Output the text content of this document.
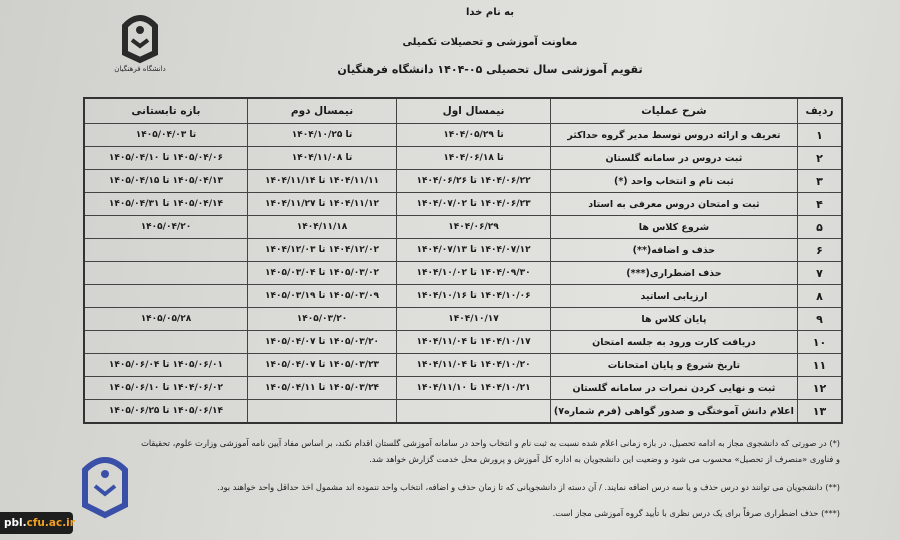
به نام خدا
معاونت آموزشی و تحصیلات تکمیلی
تقویم آموزشی سال تحصیلی ۰۵-۱۴۰۴ دانشگاه فرهنگیان
دانشگاه فرهنگیان
ردیف	شرح عملیات	نیمسال اول	نیمسال دوم	بازه تابستانی
۱	تعریف و ارائه دروس توسط مدیر گروه حداکثر	تا ۱۴۰۴/۰۵/۲۹	تا ۱۴۰۴/۱۰/۲۵	تا ۱۴۰۵/۰۴/۰۳
۲	ثبت دروس در سامانه گلستان	تا ۱۴۰۴/۰۶/۱۸	تا ۱۴۰۴/۱۱/۰۸	۱۴۰۵/۰۴/۰۶ تا ۱۴۰۵/۰۴/۱۰
۳	ثبت نام و انتخاب واحد (*)	۱۴۰۴/۰۶/۲۲ تا ۱۴۰۴/۰۶/۲۶	۱۴۰۴/۱۱/۱۱ تا ۱۴۰۴/۱۱/۱۴	۱۴۰۵/۰۴/۱۳ تا ۱۴۰۵/۰۴/۱۵
۴	ثبت و امتحان دروس معرفی به استاد	۱۴۰۴/۰۶/۲۳ تا ۱۴۰۴/۰۷/۰۲	۱۴۰۴/۱۱/۱۲ تا ۱۴۰۴/۱۱/۲۷	۱۴۰۵/۰۴/۱۴ تا ۱۴۰۵/۰۴/۳۱
۵	شروع کلاس ها	۱۴۰۴/۰۶/۲۹	۱۴۰۴/۱۱/۱۸	۱۴۰۵/۰۴/۲۰
۶	حذف و اضافه(**)	۱۴۰۴/۰۷/۱۲ تا ۱۴۰۴/۰۷/۱۳	۱۴۰۴/۱۲/۰۲ تا ۱۴۰۴/۱۲/۰۳	
۷	حذف اضطراری(***)	۱۴۰۴/۰۹/۳۰ تا ۱۴۰۴/۱۰/۰۲	۱۴۰۵/۰۳/۰۲ تا ۱۴۰۵/۰۳/۰۴	
۸	ارزیابی اساتید	۱۴۰۴/۱۰/۰۶ تا ۱۴۰۴/۱۰/۱۶	۱۴۰۵/۰۳/۰۹ تا ۱۴۰۵/۰۳/۱۹	
۹	پایان کلاس ها	۱۴۰۴/۱۰/۱۷	۱۴۰۵/۰۳/۲۰	۱۴۰۵/۰۵/۲۸
۱۰	دریافت کارت ورود به جلسه امتحان	۱۴۰۴/۱۰/۱۷ تا ۱۴۰۴/۱۱/۰۴	۱۴۰۵/۰۳/۲۰ تا ۱۴۰۵/۰۴/۰۷	
۱۱	تاریخ شروع و پایان امتحانات	۱۴۰۴/۱۰/۲۰ تا ۱۴۰۴/۱۱/۰۴	۱۴۰۵/۰۳/۲۳ تا ۱۴۰۵/۰۴/۰۷	۱۴۰۵/۰۶/۰۱ تا ۱۴۰۵/۰۶/۰۴
۱۲	ثبت و نهایی کردن نمرات در سامانه گلستان	۱۴۰۴/۱۰/۲۱ تا ۱۴۰۴/۱۱/۱۰	۱۴۰۵/۰۳/۲۴ تا ۱۴۰۵/۰۴/۱۱	۱۴۰۴/۰۶/۰۲ تا ۱۴۰۵/۰۶/۱۰
۱۳	اعلام دانش آموختگی و صدور گواهی (فرم شماره۷)			۱۴۰۵/۰۶/۱۴ تا ۱۴۰۵/۰۶/۲۵
(*) در صورتی که دانشجوی مجاز به ادامه تحصیل، در بازه زمانی اعلام شده نسبت به ثبت نام و انتخاب واحد در سامانه آموزشی گلستان اقدام نکند، بر اساس مفاد آیین نامه آموزشی وزارت علوم، تحقیقات و فناوری «منصرف از تحصیل» محسوب می شود و وضعیت این دانشجویان به اداره کل آموزش و پرورش محل خدمت گزارش خواهد شد.
(**) دانشجویان می توانند دو درس حذف و یا سه درس اضافه نمایند. / آن دسته از دانشجویانی که تا زمان حذف و اضافه، انتخاب واحد ننموده اند مشمول اخذ حداقل واحد خواهند بود.
(***) حذف اضطراری صرفاً برای یک درس نظری با تأیید گروه آموزشی مجاز است.
pbl.cfu.ac.ir
